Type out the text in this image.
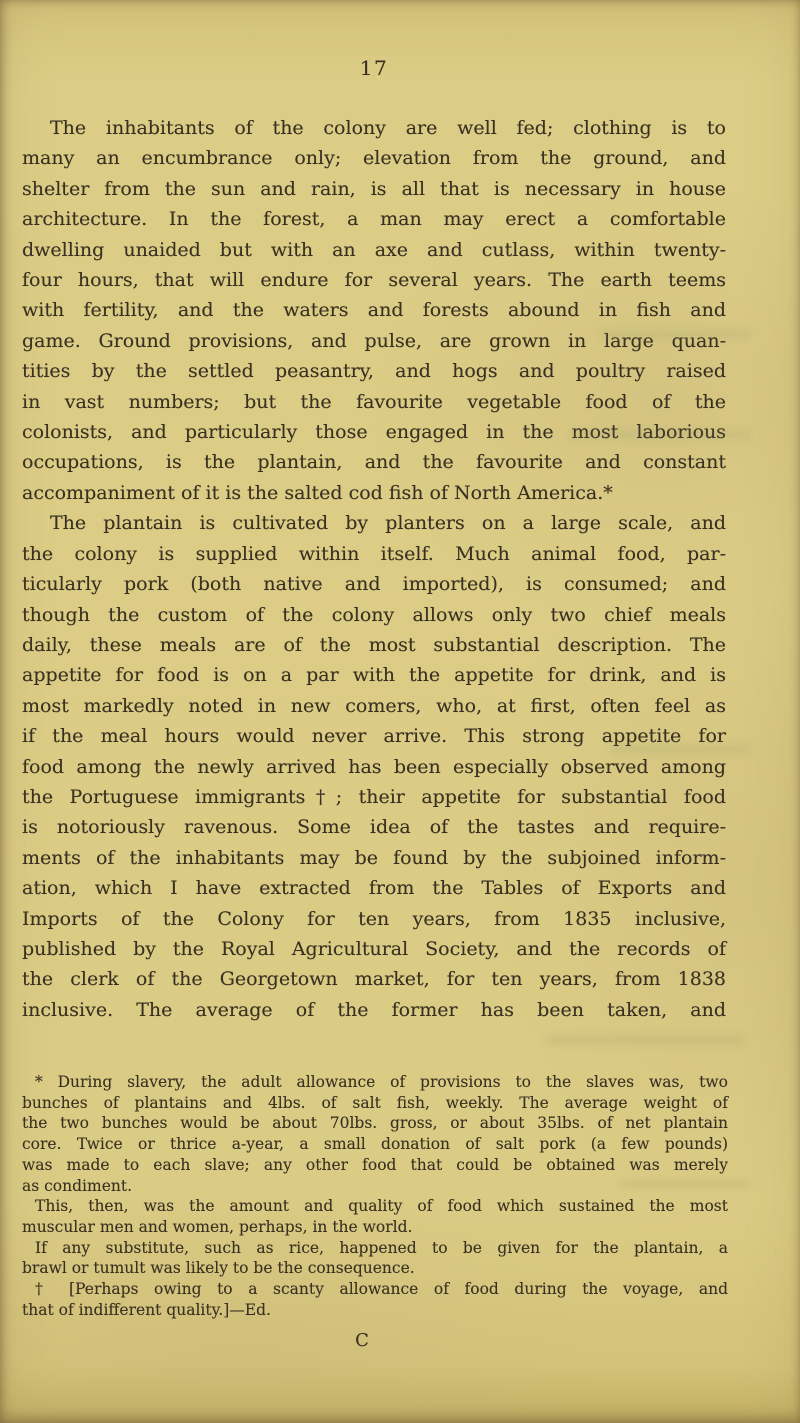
17
The inhabitants of the colony are well fed; clothing is to
many an encumbrance only; elevation from the ground, and
shelter from the sun and rain, is all that is necessary in house
architecture. In the forest, a man may erect a comfortable
dwelling unaided but with an axe and cutlass, within twenty-
four hours, that will endure for several years. The earth teems
with fertility, and the waters and forests abound in fish and
game. Ground provisions, and pulse, are grown in large quan-
tities by the settled peasantry, and hogs and poultry raised
in vast numbers; but the favourite vegetable food of the
colonists, and particularly those engaged in the most laborious
occupations, is the plantain, and the favourite and constant
accompaniment of it is the salted cod fish of North America.*
The plantain is cultivated by planters on a large scale, and
the colony is supplied within itself. Much animal food, par-
ticularly pork (both native and imported), is consumed; and
though the custom of the colony allows only two chief meals
daily, these meals are of the most substantial description. The
appetite for food is on a par with the appetite for drink, and is
most markedly noted in new comers, who, at first, often feel as
if the meal hours would never arrive. This strong appetite for
food among the newly arrived has been especially observed among
the Portuguese immigrants†; their appetite for substantial food
is notoriously ravenous. Some idea of the tastes and require-
ments of the inhabitants may be found by the subjoined inform-
ation, which I have extracted from the Tables of Exports and
Imports of the Colony for ten years, from 1835 inclusive,
published by the Royal Agricultural Society, and the records of
the clerk of the Georgetown market, for ten years, from 1838
inclusive. The average of the former has been taken, and
* During slavery, the adult allowance of provisions to the slaves was, two
bunches of plantains and 4lbs. of salt fish, weekly. The average weight of
the two bunches would be about 70lbs. gross, or about 35lbs. of net plantain
core. Twice or thrice a-year, a small donation of salt pork (a few pounds)
was made to each slave; any other food that could be obtained was merely
as condiment.
This, then, was the amount and quality of food which sustained the most
muscular men and women, perhaps, in the world.
If any substitute, such as rice, happened to be given for the plantain, a
brawl or tumult was likely to be the consequence.
† [Perhaps owing to a scanty allowance of food during the voyage, and
that of indifferent quality.]—Ed.
C
